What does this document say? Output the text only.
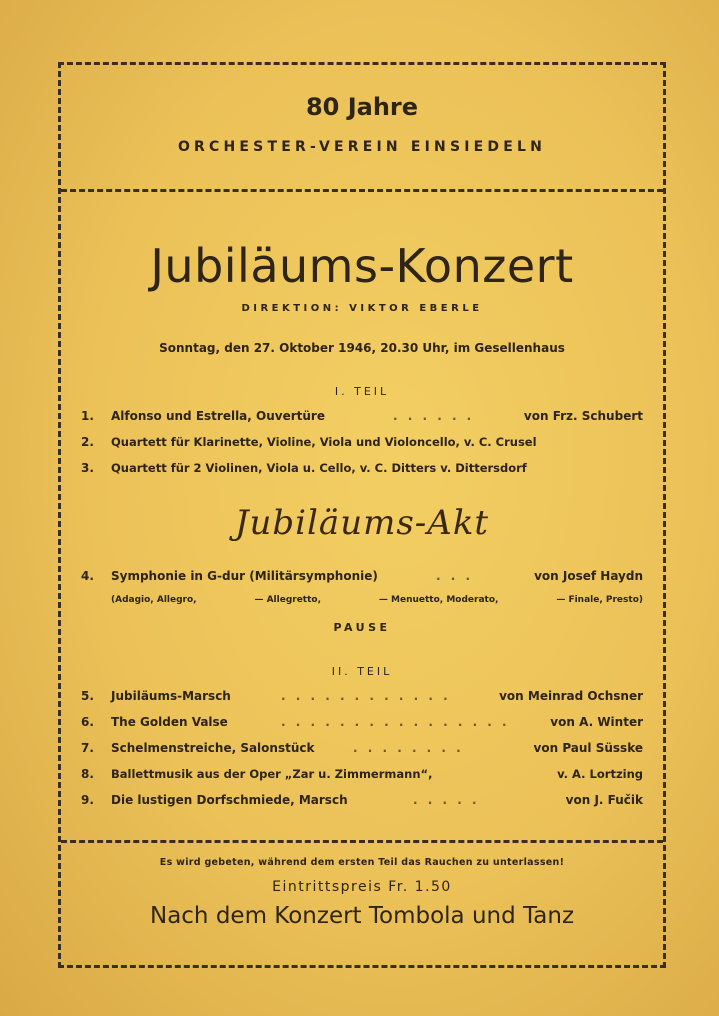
80 Jahre
ORCHESTER-VEREIN EINSIEDELN
Jubiläums-Konzert
DIREKTION: VIKTOR EBERLE
Sonntag, den 27. Oktober 1946, 20.30 Uhr, im Gesellenhaus
I. TEIL
1.	Alfonso und Estrella, Ouvertüre	. . . . . .	von Frz. Schubert
2.	Quartett für Klarinette, Violine, Viola und Violoncello, v. C. Crusel
3.	Quartett für 2 Violinen, Viola u. Cello, v. C. Ditters v. Dittersdorf
Jubiläums-Akt
4.	Symphonie in G-dur (Militärsymphonie)	. . .	von Josef Haydn
(Adagio, Allegro,	— Allegretto,	— Menuetto, Moderato,	— Finale, Presto)
PAUSE
II. TEIL
5.	Jubiläums-Marsch	. . . . . . . . . . . .	von Meinrad Ochsner
6.	The Golden Valse	. . . . . . . . . . . . . . . .	von A. Winter
7.	Schelmenstreiche, Salonstück	. . . . . . . .	von Paul Süsske
8.	Ballettmusik aus der Oper „Zar u. Zimmermann“,	v. A. Lortzing
9.	Die lustigen Dorfschmiede, Marsch	. . . . .	von J. Fučik
Es wird gebeten, während dem ersten Teil das Rauchen zu unterlassen!
Eintrittspreis Fr. 1.50
Nach dem Konzert Tombola und Tanz
